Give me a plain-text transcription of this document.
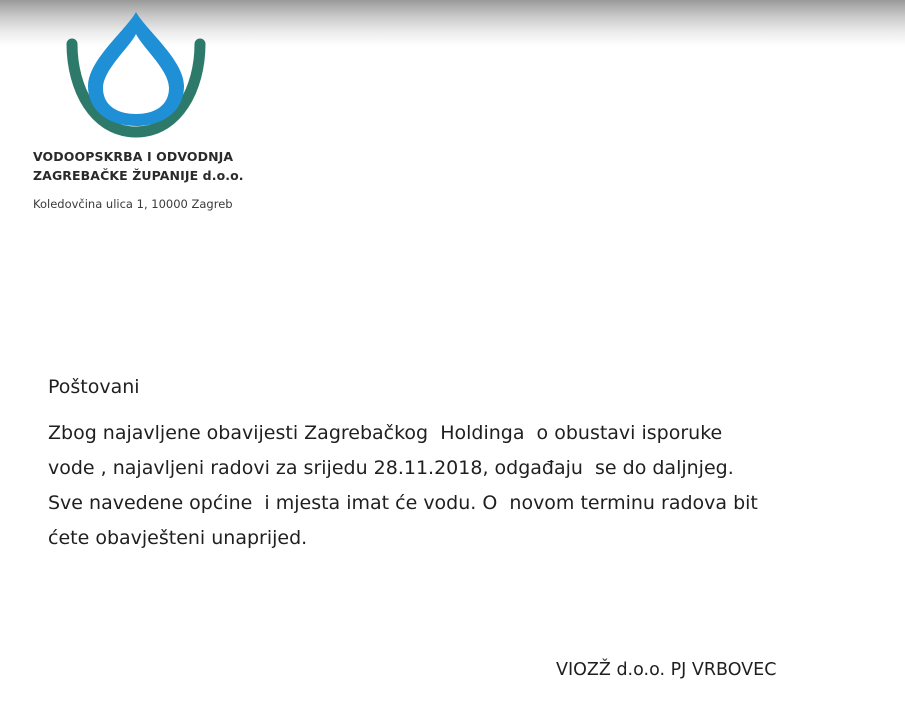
VODOOPSKRBA I ODVODNJA
ZAGREBAČKE ŽUPANIJE d.o.o.
Koledovčina ulica 1, 10000 Zagreb
Poštovani
Zbog najavljene obavijesti Zagrebačkog  Holdinga  o obustavi isporuke
vode , najavljeni radovi za srijedu 28.11.2018, odgađaju  se do daljnjeg.
Sve navedene općine  i mjesta imat će vodu. O  novom terminu radova bit
ćete obavješteni unaprijed.
VIOZŽ d.o.o. PJ VRBOVEC
